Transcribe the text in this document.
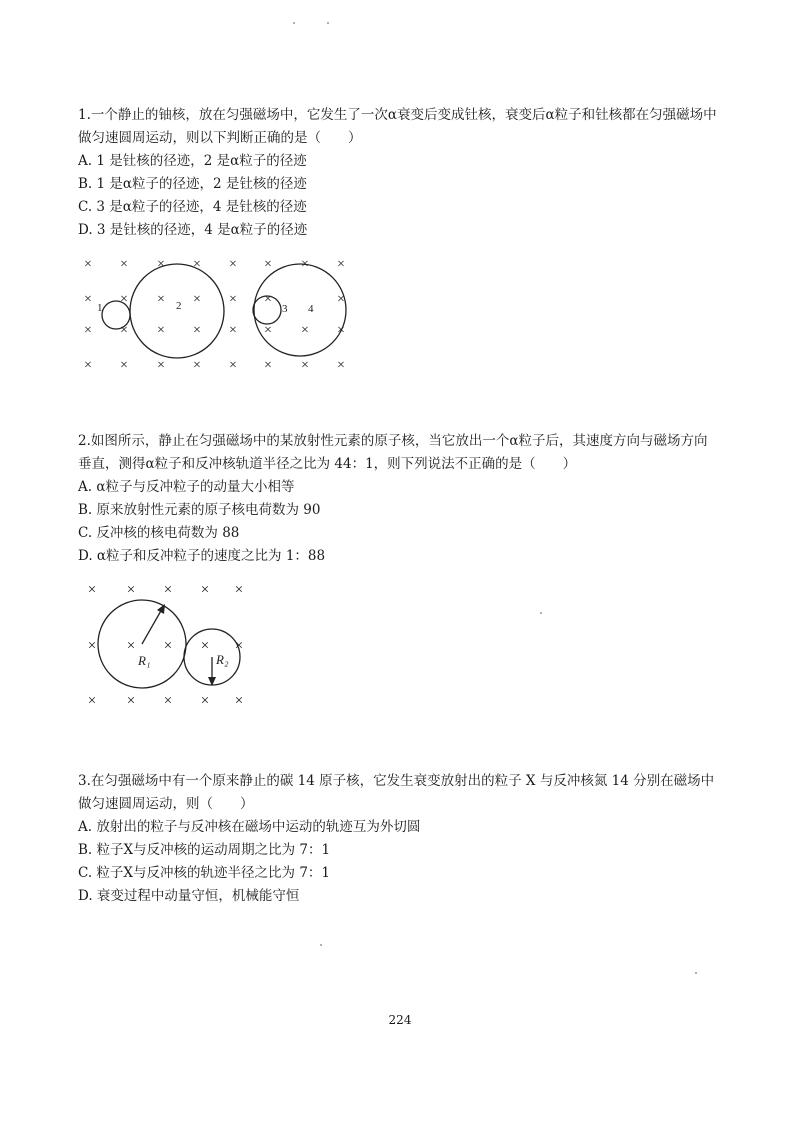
1.一个静止的铀核，放在匀强磁场中，它发生了一次α衰变后变成钍核，衰变后α粒子和钍核都在匀强磁场中做匀速圆周运动，则以下判断正确的是（　　）

A. 1 是钍核的径迹，2 是α粒子的径迹

B. 1 是α粒子的径迹，2 是钍核的径迹

C. 3 是α粒子的径迹，4 是钍核的径迹

D. 3 是钍核的径迹，4 是α粒子的径迹

× × × × × × × ×
× × × × × ×	×
× × × × × × × ×
× × × × × × × ×
1	2	3 4

2.如图所示，静止在匀强磁场中的某放射性元素的原子核，当它放出一个α粒子后，其速度方向与磁场方向垂直，测得α粒子和反冲核轨道半径之比为 44：1，则下列说法不正确的是（　　）

A. α粒子与反冲粒子的动量大小相等

B. 原来放射性元素的原子核电荷数为 90

C. 反冲核的核电荷数为 88

D. α粒子和反冲粒子的速度之比为 1：88

× × × × ×
× × × × ×
× × × × ×
R₁	R₂

3.在匀强磁场中有一个原来静止的碳 14 原子核，它发生衰变放射出的粒子 X 与反冲核氮 14 分别在磁场中做匀速圆周运动，则（　　）

A. 放射出的粒子与反冲核在磁场中运动的轨迹互为外切圆

B. 粒子X与反冲核的运动周期之比为 7：1

C. 粒子X与反冲核的轨迹半径之比为 7：1

D. 衰变过程中动量守恒，机械能守恒

224
